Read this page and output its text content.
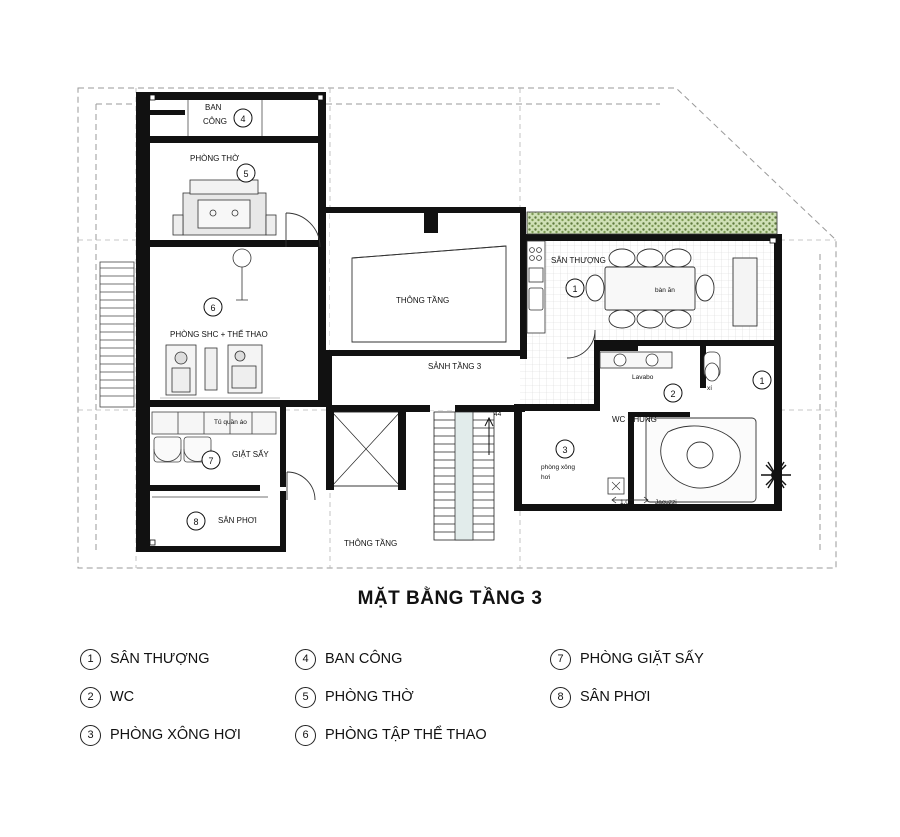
BAN
CÔNG
PHÒNG THỜ
PHÒNG SHC + THỂ THAO
Tủ quần áo
GIẶT SẤY
SÂN PHƠI
THÔNG TẦNG
SẢNH TẦNG 3
THÔNG TẦNG
SÂN THƯỢNG
bàn ăn
Lavabo
xí
WC CHUNG
phòng xông
hơi
Jacuzzi
1,0m
44
4
5
6
7
8
1
2
3
1
MẶT BẰNG TẦNG 3
1	SÂN THƯỢNG	4	BAN CÔNG	7	PHÒNG GIẶT SẤY
2	WC	5	PHÒNG THỜ	8	SÂN PHƠI
3	PHÒNG XÔNG HƠI	6	PHÒNG TẬP THỂ THAO
